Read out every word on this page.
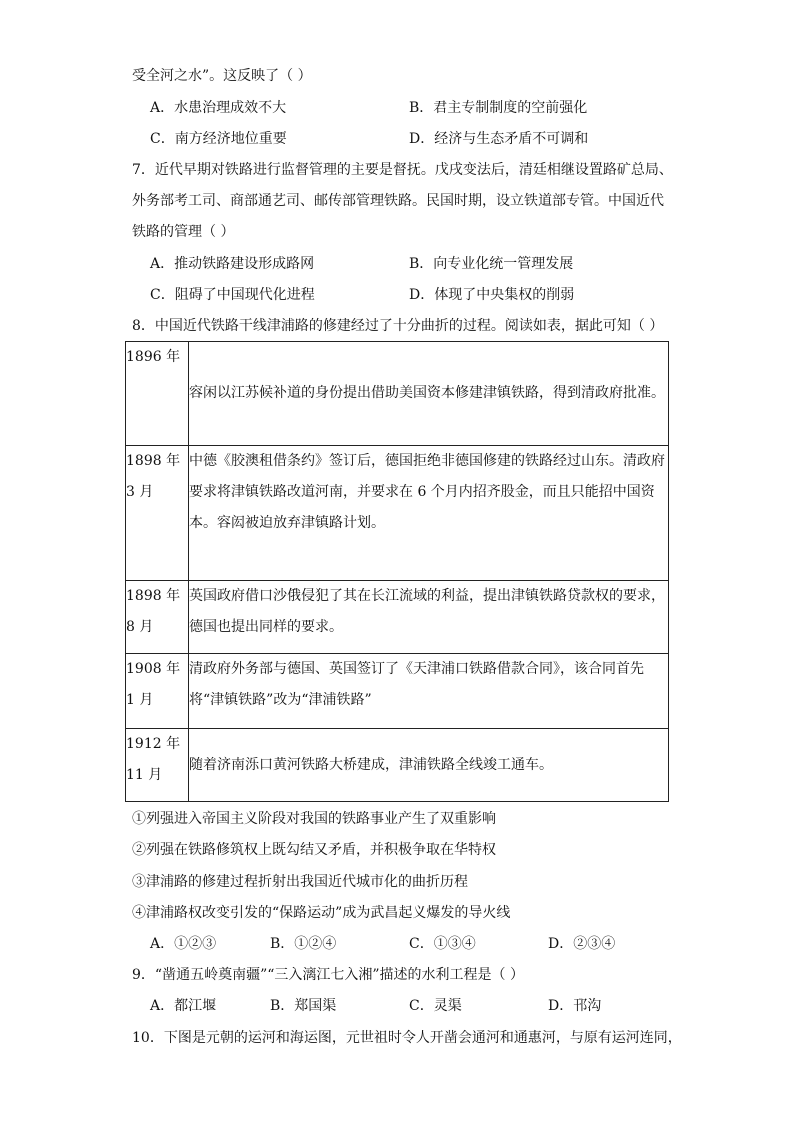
受全河之水”。这反映了（ ）
A．水患治理成效不大	B．君主专制制度的空前强化
C．南方经济地位重要	D．经济与生态矛盾不可调和
7．近代早期对铁路进行监督管理的主要是督抚。戊戌变法后，清廷相继设置路矿总局、
外务部考工司、商部通艺司、邮传部管理铁路。民国时期，设立铁道部专管。中国近代
铁路的管理（ ）
A．推动铁路建设形成路网	B．向专业化统一管理发展
C．阻碍了中国现代化进程	D．体现了中央集权的削弱
8．中国近代铁路干线津浦路的修建经过了十分曲折的过程。阅读如表，据此可知（ ）
1896 年	容闲以江苏候补道的身份提出借助美国资本修建津镇铁路，得到清政府批准。

1898 年
3 月	中德《胶澳租借条约》签订后，德国拒绝非德国修建的铁路经过山东。清政府要求将津镇铁路改道河南，并要求在 6 个月内招齐股金，而且只能招中国资本。容闳被迫放弃津镇路计划。

1898 年
8 月	英国政府借口沙俄侵犯了其在长江流域的利益，提出津镇铁路贷款权的要求，德国也提出同样的要求。

1908 年
1 月	清政府外务部与德国、英国签订了《天津浦口铁路借款合同》，该合同首先将“津镇铁路”改为“津浦铁路”

1912 年
11 月	随着济南泺口黄河铁路大桥建成，津浦铁路全线竣工通车。
①列强进入帝国主义阶段对我国的铁路事业产生了双重影响
②列强在铁路修筑权上既勾结又矛盾，并积极争取在华特权
③津浦路的修建过程折射出我国近代城市化的曲折历程
④津浦路权改变引发的“保路运动”成为武昌起义爆发的导火线
A．①②③	B．①②④	C．①③④	D．②③④
9．“凿通五岭奠南疆”“三入漓江七入湘”描述的水利工程是（ ）
A．都江堰	B．郑国渠	C．灵渠	D．邗沟
10．下图是元朝的运河和海运图，元世祖时令人开凿会通河和通惠河，与原有运河连同，
